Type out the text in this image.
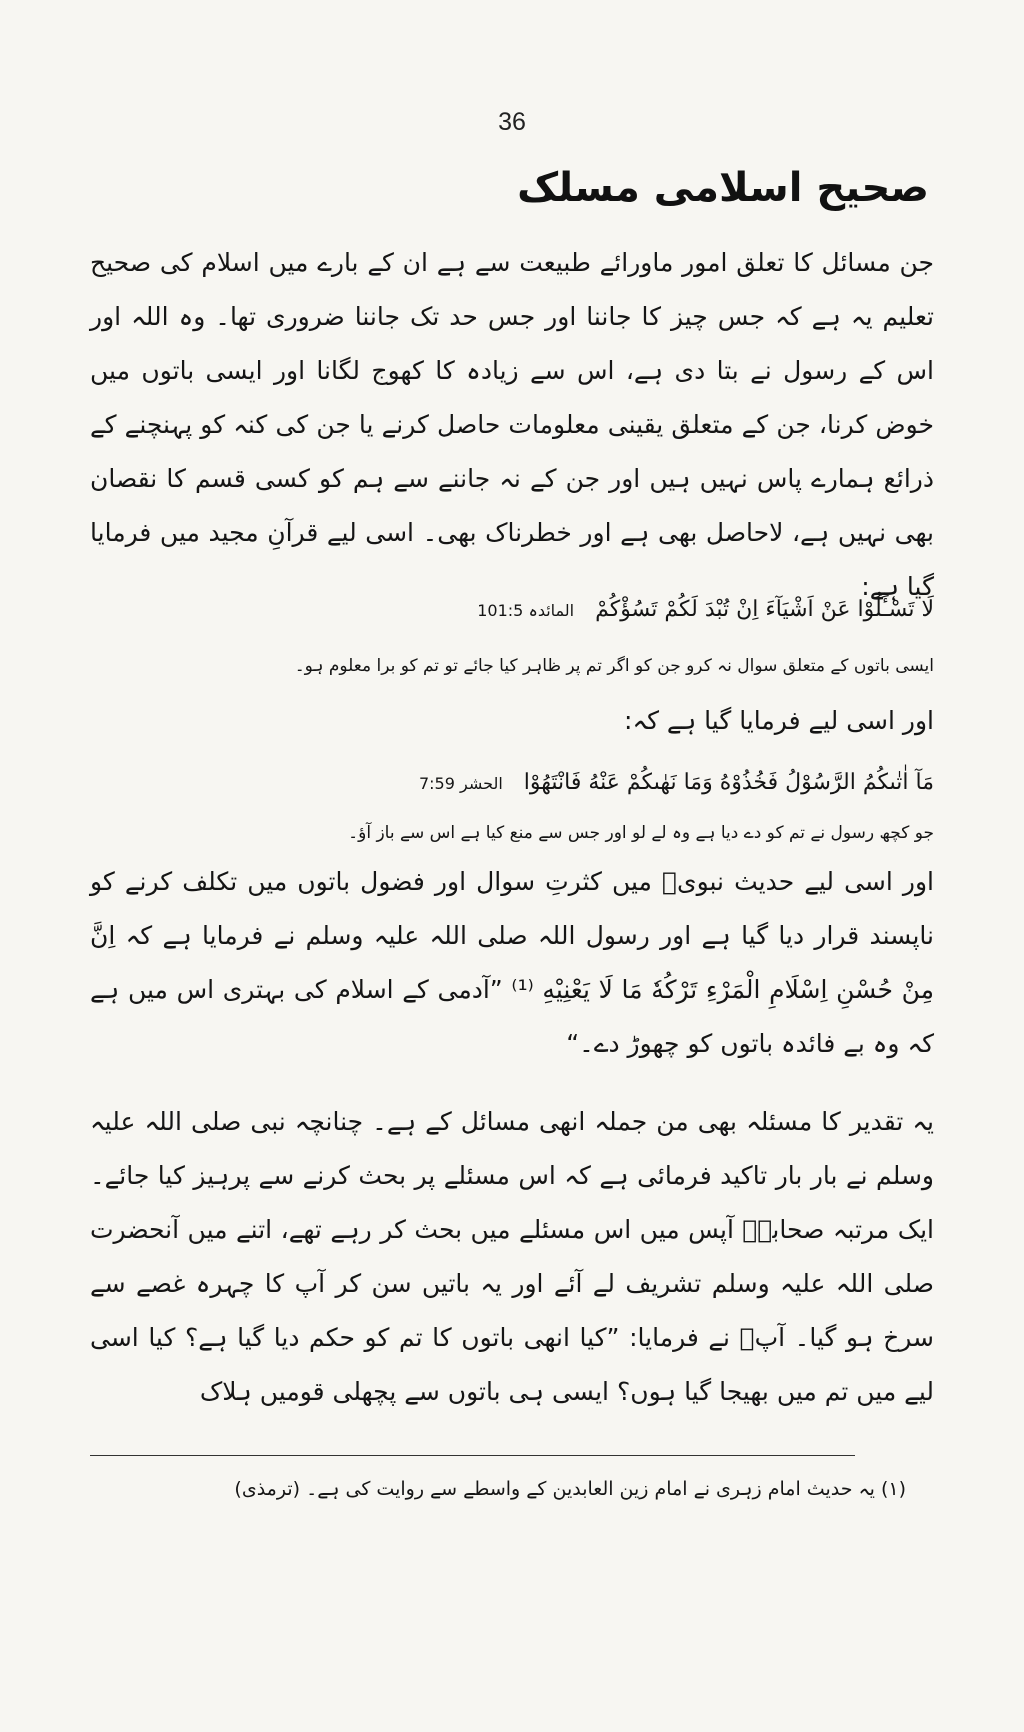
36
صحیح اسلامی مسلک
جن مسائل کا تعلق امور ماورائے طبیعت سے ہے ان کے بارے میں اسلام کی صحیح تعلیم یہ ہے کہ جس چیز کا جاننا اور جس حد تک جاننا ضروری تھا۔ وہ اللہ اور اس کے رسول نے بتا دی ہے، اس سے زیادہ کا کھوج لگانا اور ایسی باتوں میں خوض کرنا، جن کے متعلق یقینی معلومات حاصل کرنے یا جن کی کنہ کو پہنچنے کے ذرائع ہمارے پاس نہیں ہیں اور جن کے نہ جاننے سے ہم کو کسی قسم کا نقصان بھی نہیں ہے، لاحاصل بھی ہے اور خطرناک بھی۔ اسی لیے قرآنِ مجید میں فرمایا گیا ہے:
لَا تَسْـَٔلُوْا عَنْ اَشْيَآءَ اِنْ تُبْدَ لَكُمْ تَسُؤْكُمْ المائدہ 101:5
ایسی باتوں کے متعلق سوال نہ کرو جن کو اگر تم پر ظاہر کیا جائے تو تم کو برا معلوم ہو۔
اور اسی لیے فرمایا گیا ہے کہ:
مَآ اٰتٰىكُمُ الرَّسُوْلُ فَخُذُوْهُ وَمَا نَهٰىكُمْ عَنْهُ فَانْتَهُوْا الحشر 7:59
جو کچھ رسول نے تم کو دے دیا ہے وہ لے لو اور جس سے منع کیا ہے اس سے باز آؤ۔
اور اسی لیے حدیث نبویؐ میں کثرتِ سوال اور فضول باتوں میں تکلف کرنے کو ناپسند قرار دیا گیا ہے اور رسول اللہ صلی اللہ علیہ وسلم نے فرمایا ہے کہ اِنَّ مِنْ حُسْنِ اِسْلَامِ الْمَرْءِ تَرْكُهٗ مَا لَا يَعْنِيْهِ ⁽¹⁾ ”آدمی کے اسلام کی بہتری اس میں ہے کہ وہ بے فائدہ باتوں کو چھوڑ دے۔“
یہ تقدیر کا مسئلہ بھی من جملہ انھی مسائل کے ہے۔ چنانچہ نبی صلی اللہ علیہ وسلم نے بار بار تاکید فرمائی ہے کہ اس مسئلے پر بحث کرنے سے پرہیز کیا جائے۔ ایک مرتبہ صحابہؓ آپس میں اس مسئلے میں بحث کر رہے تھے، اتنے میں آنحضرت صلی اللہ علیہ وسلم تشریف لے آئے اور یہ باتیں سن کر آپ کا چہرہ غصے سے سرخ ہو گیا۔ آپؐ نے فرمایا: ”کیا انھی باتوں کا تم کو حکم دیا گیا ہے؟ کیا اسی لیے میں تم میں بھیجا گیا ہوں؟ ایسی ہی باتوں سے پچھلی قومیں ہلاک
(۱) یہ حدیث امام زہری نے امام زین العابدین کے واسطے سے روایت کی ہے۔ (ترمذی)
